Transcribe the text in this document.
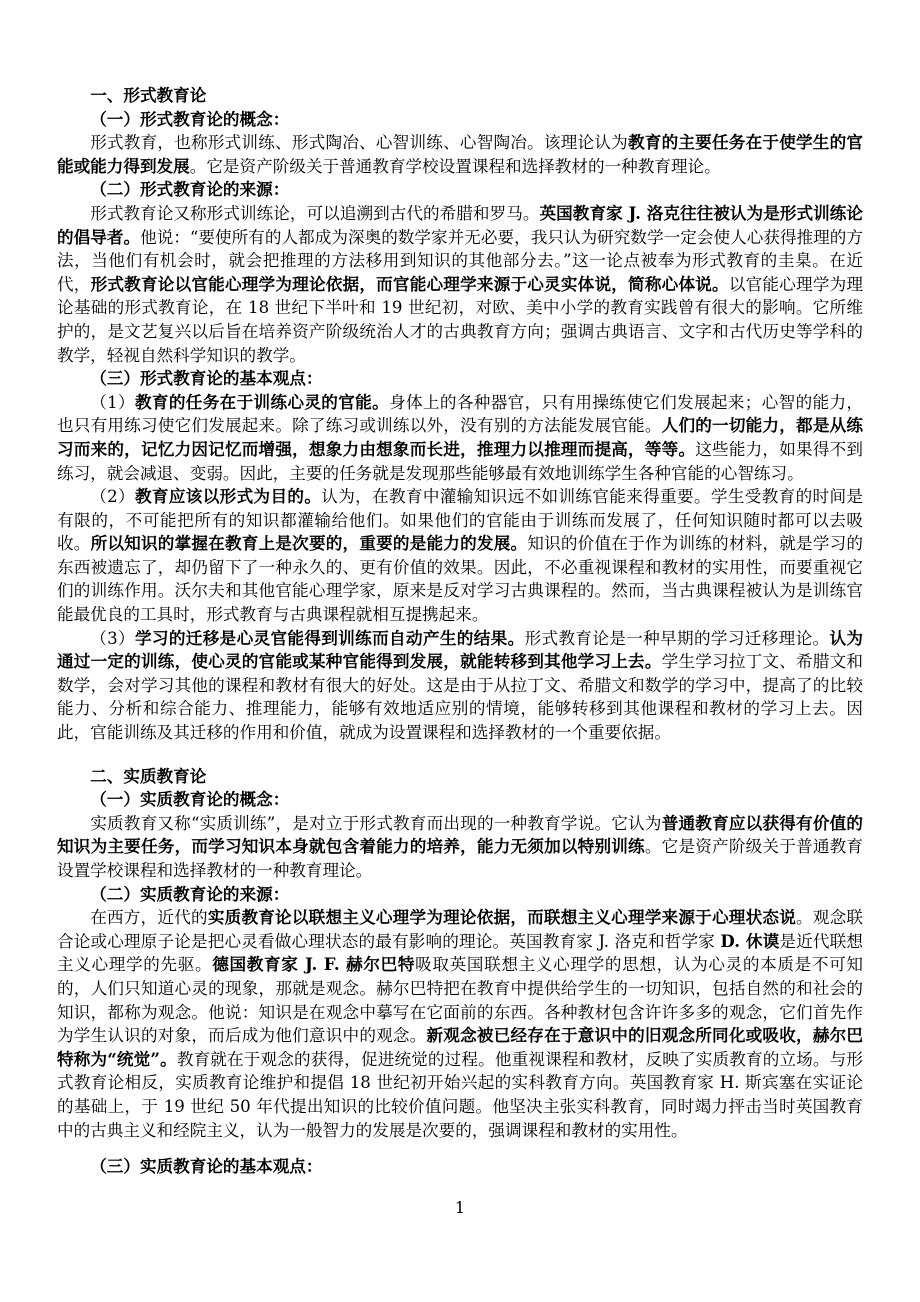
一、形式教育论

（一）形式教育论的概念：

形式教育，也称形式训练、形式陶冶、心智训练、心智陶冶。该理论认为教育的主要任务在于使学生的官能或能力得到发展。它是资产阶级关于普通教育学校设置课程和选择教材的一种教育理论。

（二）形式教育论的来源：

形式教育论又称形式训练论，可以追溯到古代的希腊和罗马。英国教育家 J. 洛克往往被认为是形式训练论的倡导者。他说：“要使所有的人都成为深奥的数学家并无必要，我只认为研究数学一定会使人心获得推理的方法，当他们有机会时，就会把推理的方法移用到知识的其他部分去。”这一论点被奉为形式教育的圭臬。在近代，形式教育论以官能心理学为理论依据，而官能心理学来源于心灵实体说，简称心体说。以官能心理学为理论基础的形式教育论，在 18 世纪下半叶和 19 世纪初，对欧、美中小学的教育实践曾有很大的影响。它所维护的，是文艺复兴以后旨在培养资产阶级统治人才的古典教育方向；强调古典语言、文字和古代历史等学科的教学，轻视自然科学知识的教学。

（三）形式教育论的基本观点：

（1）教育的任务在于训练心灵的官能。身体上的各种器官，只有用操练使它们发展起来；心智的能力，也只有用练习使它们发展起来。除了练习或训练以外，没有别的方法能发展官能。人们的一切能力，都是从练习而来的，记忆力因记忆而增强，想象力由想象而长进，推理力以推理而提高，等等。这些能力，如果得不到练习，就会减退、变弱。因此，主要的任务就是发现那些能够最有效地训练学生各种官能的心智练习。

（2）教育应该以形式为目的。认为，在教育中灌输知识远不如训练官能来得重要。学生受教育的时间是有限的，不可能把所有的知识都灌输给他们。如果他们的官能由于训练而发展了，任何知识随时都可以去吸收。所以知识的掌握在教育上是次要的，重要的是能力的发展。知识的价值在于作为训练的材料，就是学习的东西被遗忘了，却仍留下了一种永久的、更有价值的效果。因此，不必重视课程和教材的实用性，而要重视它们的训练作用。沃尔夫和其他官能心理学家，原来是反对学习古典课程的。然而，当古典课程被认为是训练官能最优良的工具时，形式教育与古典课程就相互提携起来。

（3）学习的迁移是心灵官能得到训练而自动产生的结果。形式教育论是一种早期的学习迁移理论。认为通过一定的训练，使心灵的官能或某种官能得到发展，就能转移到其他学习上去。学生学习拉丁文、希腊文和数学，会对学习其他的课程和教材有很大的好处。这是由于从拉丁文、希腊文和数学的学习中，提高了的比较能力、分析和综合能力、推理能力，能够有效地适应别的情境，能够转移到其他课程和教材的学习上去。因此，官能训练及其迁移的作用和价值，就成为设置课程和选择教材的一个重要依据。

二、实质教育论

（一）实质教育论的概念：

实质教育又称“实质训练”，是对立于形式教育而出现的一种教育学说。它认为普通教育应以获得有价值的知识为主要任务，而学习知识本身就包含着能力的培养，能力无须加以特别训练。它是资产阶级关于普通教育设置学校课程和选择教材的一种教育理论。

（二）实质教育论的来源：

在西方，近代的实质教育论以联想主义心理学为理论依据，而联想主义心理学来源于心理状态说。观念联合论或心理原子论是把心灵看做心理状态的最有影响的理论。英国教育家 J. 洛克和哲学家 D. 休谟是近代联想主义心理学的先驱。德国教育家 J. F. 赫尔巴特吸取英国联想主义心理学的思想，认为心灵的本质是不可知的，人们只知道心灵的现象，那就是观念。赫尔巴特把在教育中提供给学生的一切知识，包括自然的和社会的知识，都称为观念。他说：知识是在观念中摹写在它面前的东西。各种教材包含许许多多的观念，它们首先作为学生认识的对象，而后成为他们意识中的观念。新观念被已经存在于意识中的旧观念所同化或吸收，赫尔巴特称为“统觉”。教育就在于观念的获得，促进统觉的过程。他重视课程和教材，反映了实质教育的立场。与形式教育论相反，实质教育论维护和提倡 18 世纪初开始兴起的实科教育方向。英国教育家 H. 斯宾塞在实证论的基础上，于 19 世纪 50 年代提出知识的比较价值问题。他坚决主张实科教育，同时竭力抨击当时英国教育中的古典主义和经院主义，认为一般智力的发展是次要的，强调课程和教材的实用性。

（三）实质教育论的基本观点：

1
